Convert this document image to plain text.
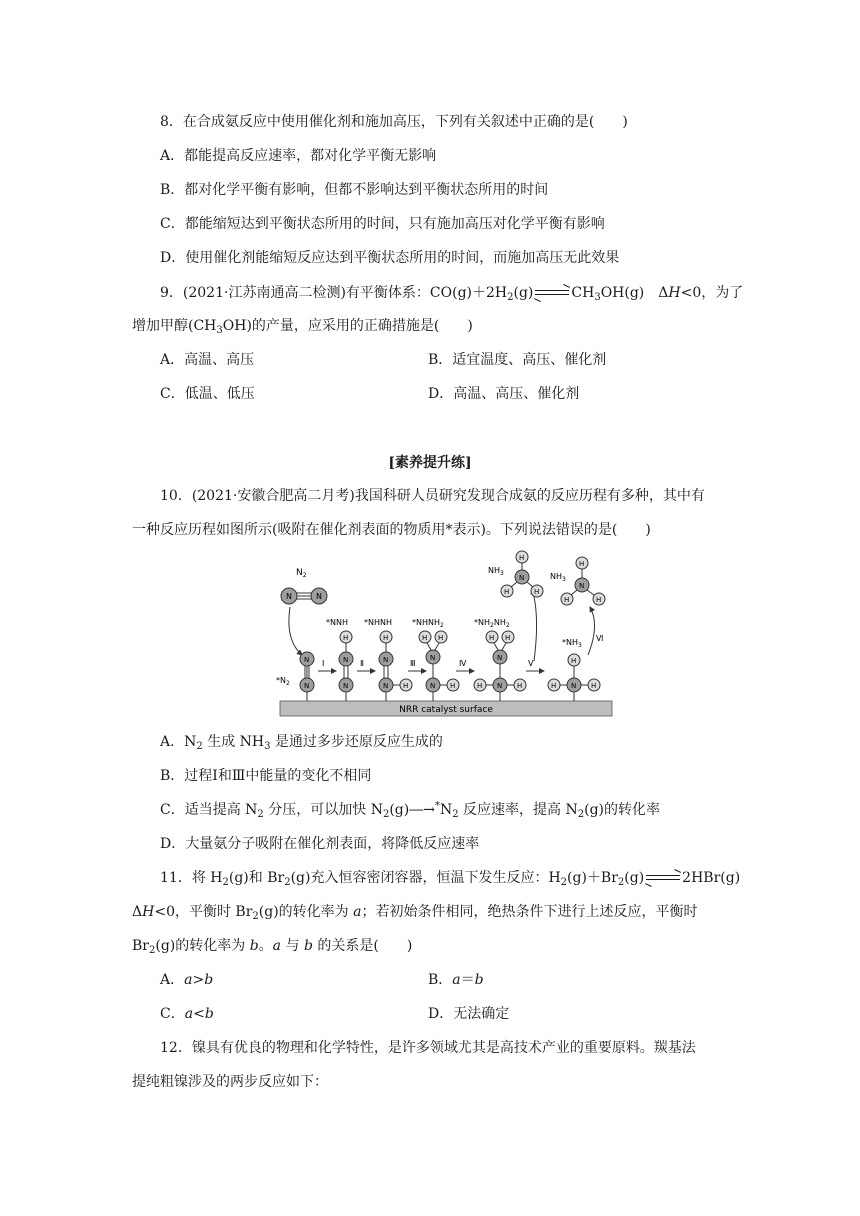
8．在合成氨反应中使用催化剂和施加高压，下列有关叙述中正确的是(　　)
A．都能提高反应速率，都对化学平衡无影响
B．都对化学平衡有影响，但都不影响达到平衡状态所用的时间
C．都能缩短达到平衡状态所用的时间，只有施加高压对化学平衡有影响
D．使用催化剂能缩短反应达到平衡状态所用的时间，而施加高压无此效果
9．(2021·江苏南通高二检测)有平衡体系：$CO(g)+2H_2(g) \to CH_3OH(g)$　ΔH<0，为了
增加甲醇$(CH_3OH)$的产量，应采用的正确措施是(　　)
A．高温、高压	B．适宜温度、高压、催化剂
C．低温、低压	D．高温、高压、催化剂
[素养提升练]
10．(2021·安徽合肥高二月考)我国科研人员研究发现合成氨的反应历程有多种，其中有
一种反应历程如图所示(吸附在催化剂表面的物质用*表示)。下列说法错误的是(　　)
NRR catalyst surface
$N_2$
N	N
$*N_2$
N
N
Ⅰ
*NNH
H
N
N
Ⅱ
*NHNH
H
N
N H
Ⅲ
$*NHNH_2$
H H
N
N H
Ⅳ
$*NH_2NH_2$
H H
N
N
H	H
Ⅴ
$NH_3$
H
N
H	H
$*NH_3$
H
N
H	H
Ⅵ
$NH_3$
H
N
H	H
A．$N_2$ 生成 $NH_3$ 是通过多步还原反应生成的
B．过程Ⅰ和Ⅲ中能量的变化不相同
C．适当提高 $N_2$ 分压，可以加快 $N_2(g)―\to^*N_2$ 反应速率，提高 $N_2(g)$的转化率
D．大量氨分子吸附在催化剂表面，将降低反应速率
11．将 $H_2(g)$和 $Br_2(g)$充入恒容密闭容器，恒温下发生反应：$H_2(g)+Br_2(g) \to 2HBr(g)$
ΔH<0，平衡时 $Br_2(g)$的转化率为 a；若初始条件相同，绝热条件下进行上述反应，平衡时
$Br_2(g)$的转化率为 b。a 与 b 的关系是(　　)
A．a>b	B．a＝b
C．a<b	D．无法确定
12．镍具有优良的物理和化学特性，是许多领域尤其是高技术产业的重要原料。羰基法
提纯粗镍涉及的两步反应如下：
